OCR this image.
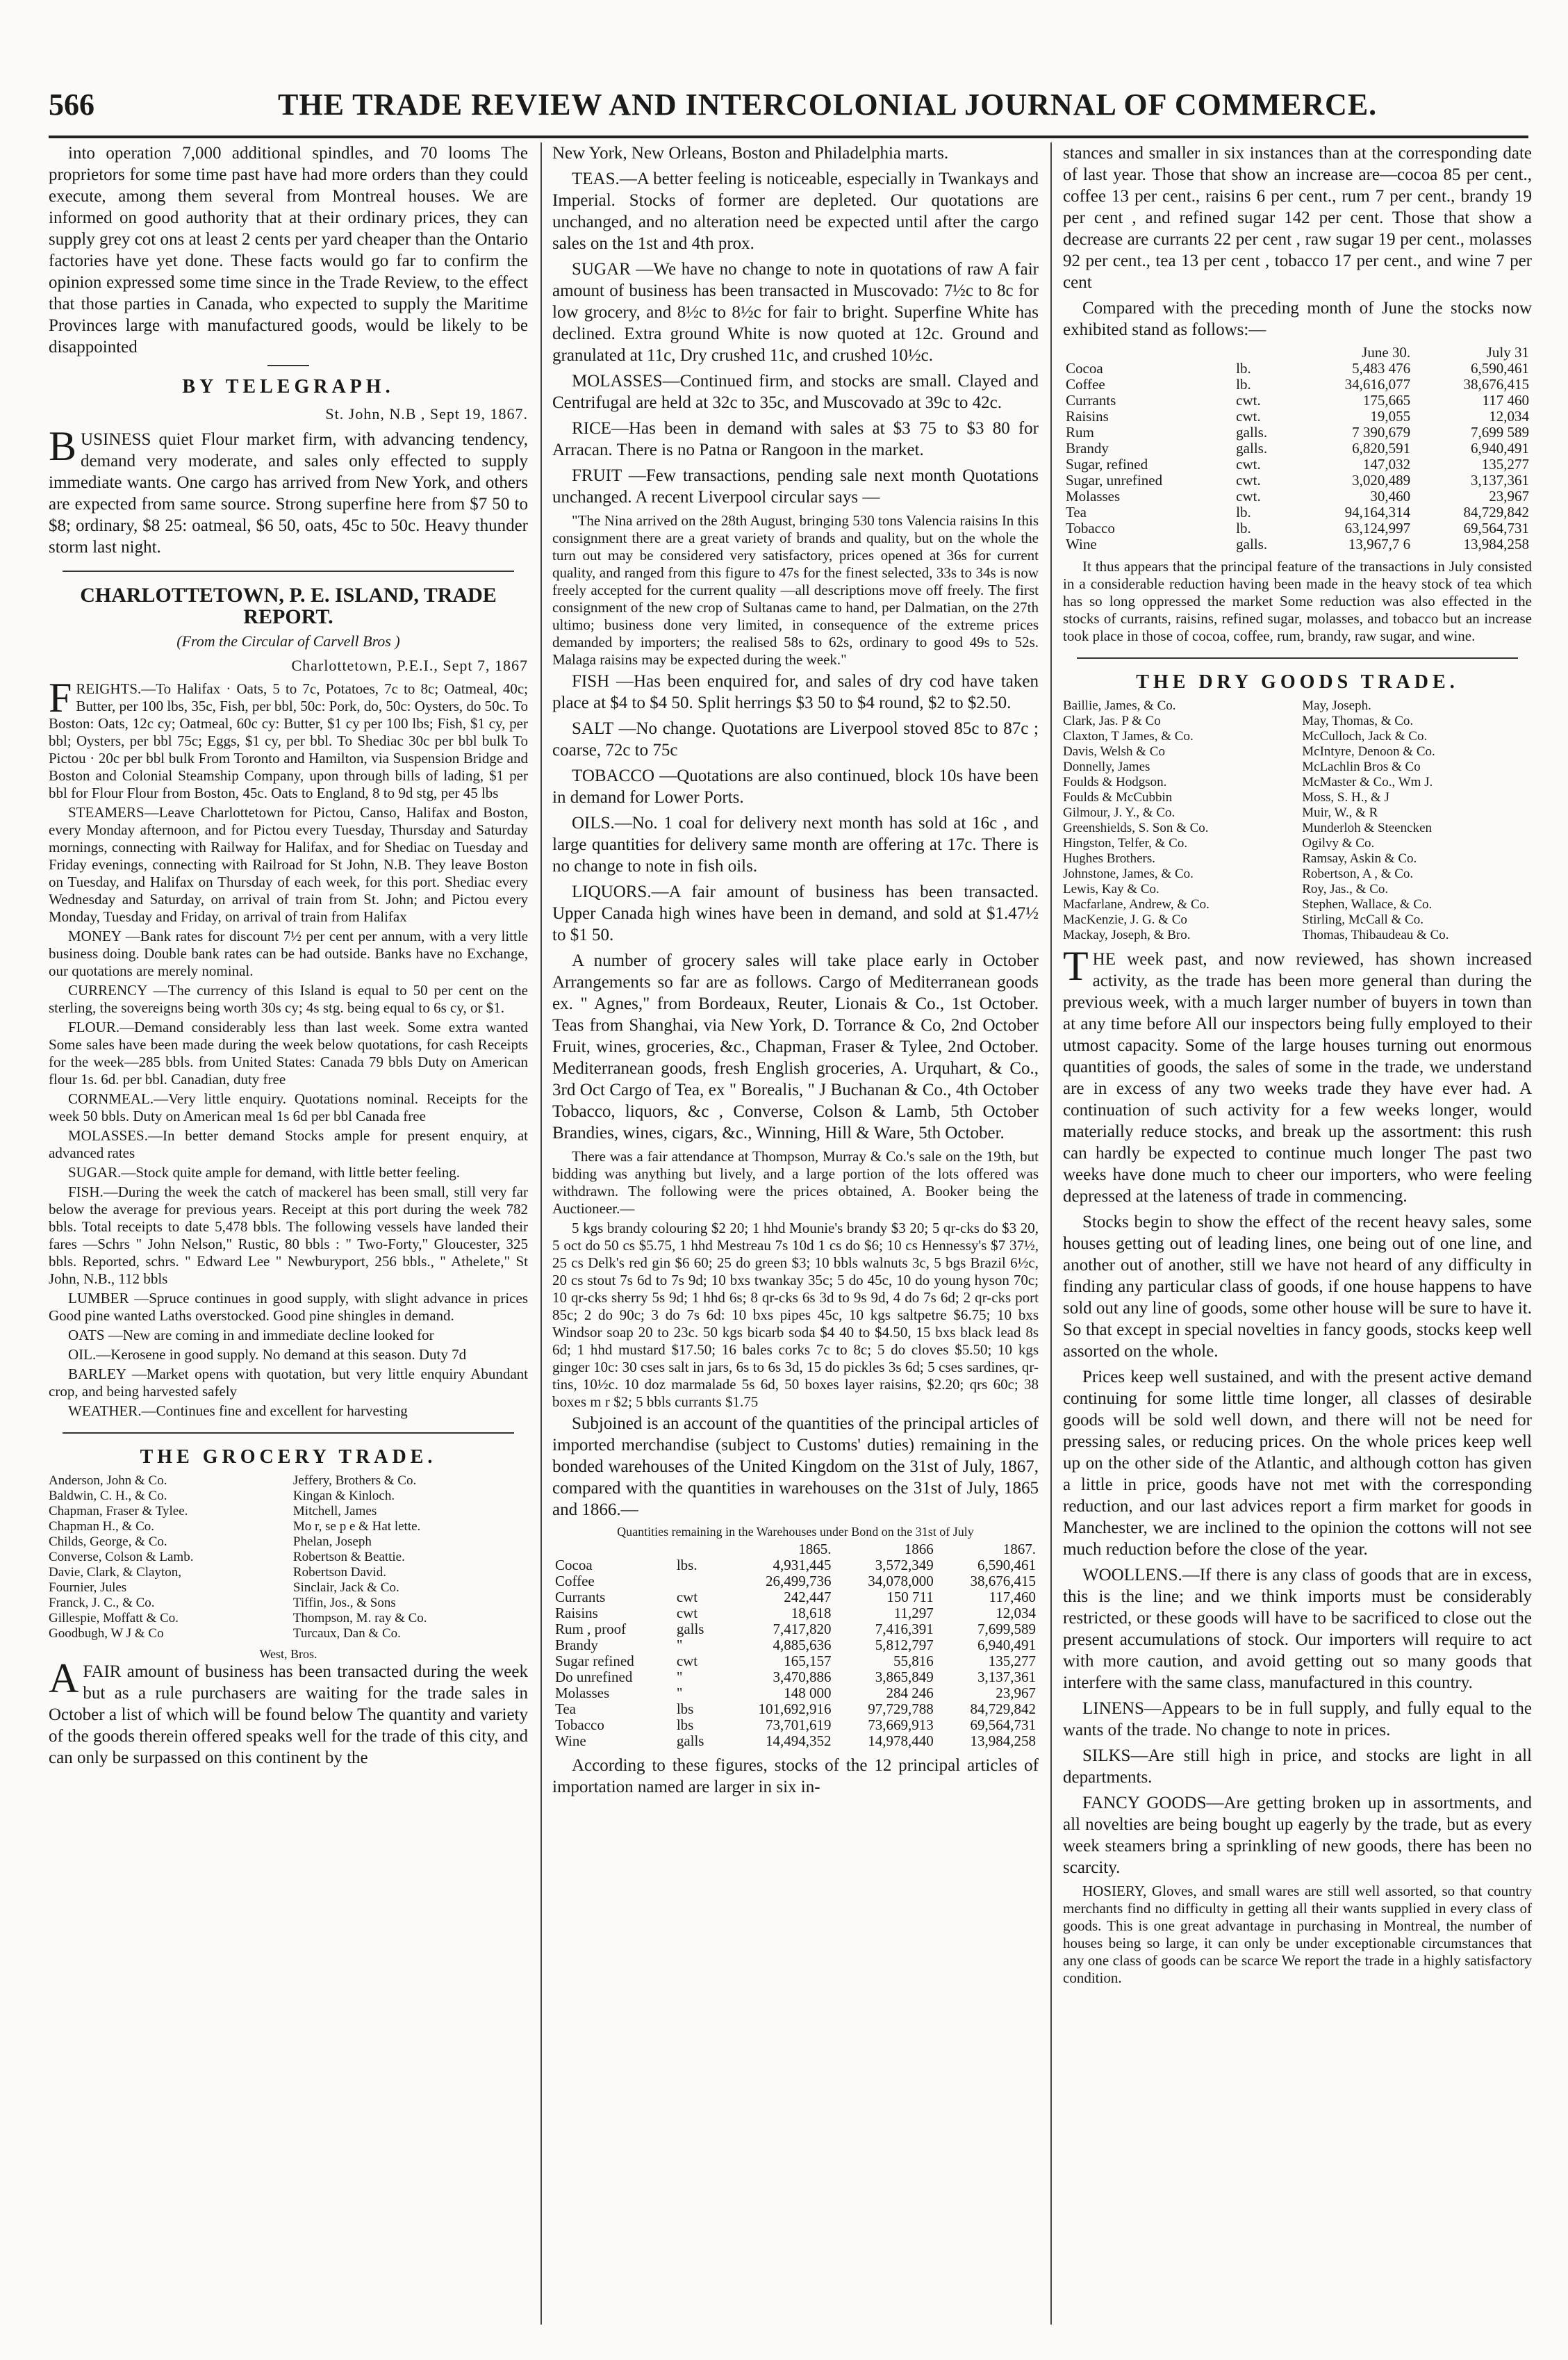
566	THE TRADE REVIEW AND INTERCOLONIAL JOURNAL OF COMMERCE.

into operation 7,000 additional spindles, and 70 looms The proprietors for some time past have had more orders than they could execute, among them several from Montreal houses. We are informed on good authority that at their ordinary prices, they can supply grey cot ons at least 2 cents per yard cheaper than the Ontario factories have yet done. These facts would go far to confirm the opinion expressed some time since in the Trade Review, to the effect that those parties in Canada, who expected to supply the Maritime Provinces large with manufactured goods, would be likely to be disappointed

BY TELEGRAPH.
St. John, N.B , Sept 19, 1867.

BUSINESS quiet Flour market firm, with advancing tendency, demand very moderate, and sales only effected to supply immediate wants. One cargo has arrived from New York, and others are expected from same source. Strong superfine here from $7 50 to $8; ordinary, $8 25: oatmeal, $6 50, oats, 45c to 50c. Heavy thunder storm last night.

CHARLOTTETOWN, P. E. ISLAND, TRADE REPORT.
(From the Circular of Carvell Bros )
Charlottetown, P.E.I., Sept 7, 1867

FREIGHTS.—To Halifax · Oats, 5 to 7c, Potatoes, 7c to 8c; Oatmeal, 40c; Butter, per 100 lbs, 35c, Fish, per bbl, 50c: Pork, do, 50c: Oysters, do 50c. To Boston: Oats, 12c cy; Oatmeal, 60c cy: Butter, $1 cy per 100 lbs; Fish, $1 cy, per bbl; Oysters, per bbl 75c; Eggs, $1 cy, per bbl. To Shediac 30c per bbl bulk To Pictou · 20c per bbl bulk From Toronto and Hamilton, via Suspension Bridge and Boston and Colonial Steamship Company, upon through bills of lading, $1 per bbl for Flour Flour from Boston, 45c. Oats to England, 8 to 9d stg, per 45 lbs

STEAMERS—Leave Charlottetown for Pictou, Canso, Halifax and Boston, every Monday afternoon, and for Pictou every Tuesday, Thursday and Saturday mornings, connecting with Railway for Halifax, and for Shediac on Tuesday and Friday evenings, connecting with Railroad for St John, N.B. They leave Boston on Tuesday, and Halifax on Thursday of each week, for this port. Shediac every Wednesday and Saturday, on arrival of train from St. John; and Pictou every Monday, Tuesday and Friday, on arrival of train from Halifax

MONEY —Bank rates for discount 7½ per cent per annum, with a very little business doing. Double bank rates can be had outside. Banks have no Exchange, our quotations are merely nominal.

CURRENCY —The currency of this Island is equal to 50 per cent on the sterling, the sovereigns being worth 30s cy; 4s stg. being equal to 6s cy, or $1.

FLOUR.—Demand considerably less than last week. Some extra wanted Some sales have been made during the week below quotations, for cash Receipts for the week—285 bbls. from United States: Canada 79 bbls Duty on American flour 1s. 6d. per bbl. Canadian, duty free

CORNMEAL.—Very little enquiry. Quotations nominal. Receipts for the week 50 bbls. Duty on American meal 1s 6d per bbl Canada free

MOLASSES.—In better demand Stocks ample for present enquiry, at advanced rates

SUGAR.—Stock quite ample for demand, with little better feeling.

FISH.—During the week the catch of mackerel has been small, still very far below the average for previous years. Receipt at this port during the week 782 bbls. Total receipts to date 5,478 bbls. The following vessels have landed their fares —Schrs " John Nelson," Rustic, 80 bbls : " Two-Forty," Gloucester, 325 bbls. Reported, schrs. " Edward Lee " Newburyport, 256 bbls., " Athelete," St John, N.B., 112 bbls

LUMBER —Spruce continues in good supply, with slight advance in prices Good pine wanted Laths overstocked. Good pine shingles in demand.

OATS —New are coming in and immediate decline looked for

OIL.—Kerosene in good supply. No demand at this season. Duty 7d

BARLEY —Market opens with quotation, but very little enquiry Abundant crop, and being harvested safely

WEATHER.—Continues fine and excellent for harvesting

THE GROCERY TRADE.
Anderson, John & Co.
Baldwin, C. H., & Co.
Chapman, Fraser & Tylee.
Chapman H., & Co.
Childs, George, & Co.
Converse, Colson & Lamb.
Davie, Clark, & Clayton,
Fournier, Jules
Franck, J. C., & Co.
Gillespie, Moffatt & Co.
Goodbugh, W J & Co
Jeffery, Brothers & Co.
Kingan & Kinloch.
Mitchell, James
Mo r, se p e & Hat lette.
Phelan, Joseph
Robertson & Beattie.
Robertson David.
Sinclair, Jack & Co.
Tiffin, Jos., & Sons
Thompson, M. ray & Co.
Turcaux, Dan & Co.
West, Bros.

AFAIR amount of business has been transacted during the week but as a rule purchasers are waiting for the trade sales in October a list of which will be found below The quantity and variety of the goods therein offered speaks well for the trade of this city, and can only be surpassed on this continent by the

New York, New Orleans, Boston and Philadelphia marts.

TEAS.—A better feeling is noticeable, especially in Twankays and Imperial. Stocks of former are depleted. Our quotations are unchanged, and no alteration need be expected until after the cargo sales on the 1st and 4th prox.

SUGAR —We have no change to note in quotations of raw A fair amount of business has been transacted in Muscovado: 7½c to 8c for low grocery, and 8½c to 8½c for fair to bright. Superfine White has declined. Extra ground White is now quoted at 12c. Ground and granulated at 11c, Dry crushed 11c, and crushed 10½c.

MOLASSES—Continued firm, and stocks are small. Clayed and Centrifugal are held at 32c to 35c, and Muscovado at 39c to 42c.

RICE—Has been in demand with sales at $3 75 to $3 80 for Arracan. There is no Patna or Rangoon in the market.

FRUIT —Few transactions, pending sale next month Quotations unchanged. A recent Liverpool circular says —

"The Nina arrived on the 28th August, bringing 530 tons Valencia raisins In this consignment there are a great variety of brands and quality, but on the whole the turn out may be considered very satisfactory, prices opened at 36s for current quality, and ranged from this figure to 47s for the finest selected, 33s to 34s is now freely accepted for the current quality —all descriptions move off freely. The first consignment of the new crop of Sultanas came to hand, per Dalmatian, on the 27th ultimo; business done very limited, in consequence of the extreme prices demanded by importers; the realised 58s to 62s, ordinary to good 49s to 52s. Malaga raisins may be expected during the week."

FISH —Has been enquired for, and sales of dry cod have taken place at $4 to $4 50. Split herrings $3 50 to $4 round, $2 to $2.50.

SALT —No change. Quotations are Liverpool stoved 85c to 87c ; coarse, 72c to 75c

TOBACCO —Quotations are also continued, block 10s have been in demand for Lower Ports.

OILS.—No. 1 coal for delivery next month has sold at 16c , and large quantities for delivery same month are offering at 17c. There is no change to note in fish oils.

LIQUORS.—A fair amount of business has been transacted. Upper Canada high wines have been in demand, and sold at $1.47½ to $1 50.

A number of grocery sales will take place early in October Arrangements so far are as follows. Cargo of Mediterranean goods ex. " Agnes," from Bordeaux, Reuter, Lionais & Co., 1st October. Teas from Shanghai, via New York, D. Torrance & Co, 2nd October Fruit, wines, groceries, &c., Chapman, Fraser & Tylee, 2nd October. Mediterranean goods, fresh English groceries, A. Urquhart, & Co., 3rd Oct Cargo of Tea, ex " Borealis, " J Buchanan & Co., 4th October Tobacco, liquors, &c , Converse, Colson & Lamb, 5th October Brandies, wines, cigars, &c., Winning, Hill & Ware, 5th October.

There was a fair attendance at Thompson, Murray & Co.'s sale on the 19th, but bidding was anything but lively, and a large portion of the lots offered was withdrawn. The following were the prices obtained, A. Booker being the Auctioneer.—

5 kgs brandy colouring $2 20; 1 hhd Mounie's brandy $3 20; 5 qr-cks do $3 20, 5 oct do 50 cs $5.75, 1 hhd Mestreau 7s 10d 1 cs do $6; 10 cs Hennessy's $7 37½, 25 cs Delk's red gin $6 60; 25 do green $3; 10 bbls walnuts 3c, 5 bgs Brazil 6½c, 20 cs stout 7s 6d to 7s 9d; 10 bxs twankay 35c; 5 do 45c, 10 do young hyson 70c; 10 qr-cks sherry 5s 9d; 1 hhd 6s; 8 qr-cks 6s 3d to 9s 9d, 4 do 7s 6d; 2 qr-cks port 85c; 2 do 90c; 3 do 7s 6d: 10 bxs pipes 45c, 10 kgs saltpetre $6.75; 10 bxs Windsor soap 20 to 23c. 50 kgs bicarb soda $4 40 to $4.50, 15 bxs black lead 8s 6d; 1 hhd mustard $17.50; 16 bales corks 7c to 8c; 5 do cloves $5.50; 10 kgs ginger 10c: 30 cses salt in jars, 6s to 6s 3d, 15 do pickles 3s 6d; 5 cses sardines, qr-tins, 10½c. 10 doz marmalade 5s 6d, 50 boxes layer raisins, $2.20; qrs 60c; 38 boxes m r $2; 5 bbls currants $1.75

Subjoined is an account of the quantities of the principal articles of imported merchandise (subject to Customs' duties) remaining in the bonded warehouses of the United Kingdom on the 31st of July, 1867, compared with the quantities in warehouses on the 31st of July, 1865 and 1866.—

Quantities remaining in the Warehouses under Bond on the 31st of July
		1865.	1866	1867.
Cocoa	lbs.	4,931,445	3,572,349	6,590,461
Coffee		26,499,736	34,078,000	38,676,415
Currants	cwt	242,447	150 711	117,460
Raisins	cwt	18,618	11,297	12,034
Rum , proof	galls	7,417,820	7,416,391	7,699,589
Brandy	"	4,885,636	5,812,797	6,940,491
Sugar refined	cwt	165,157	55,816	135,277
Do unrefined	"	3,470,886	3,865,849	3,137,361
Molasses	"	148 000	284 246	23,967
Tea	lbs	101,692,916	97,729,788	84,729,842
Tobacco	lbs	73,701,619	73,669,913	69,564,731
Wine	galls	14,494,352	14,978,440	13,984,258

According to these figures, stocks of the 12 principal articles of importation named are larger in six in-

stances and smaller in six instances than at the corresponding date of last year. Those that show an increase are—cocoa 85 per cent., coffee 13 per cent., raisins 6 per cent., rum 7 per cent., brandy 19 per cent , and refined sugar 142 per cent. Those that show a decrease are currants 22 per cent , raw sugar 19 per cent., molasses 92 per cent., tea 13 per cent , tobacco 17 per cent., and wine 7 per cent

Compared with the preceding month of June the stocks now exhibited stand as follows:—

		June 30.	July 31
Cocoa	lb.	5,483 476	6,590,461
Coffee	lb.	34,616,077	38,676,415
Currants	cwt.	175,665	117 460
Raisins	cwt.	19,055	12,034
Rum	galls.	7 390,679	7,699 589
Brandy	galls.	6,820,591	6,940,491
Sugar, refined	cwt.	147,032	135,277
Sugar, unrefined	cwt.	3,020,489	3,137,361
Molasses	cwt.	30,460	23,967
Tea	lb.	94,164,314	84,729,842
Tobacco	lb.	63,124,997	69,564,731
Wine	galls.	13,967,7 6	13,984,258

It thus appears that the principal feature of the transactions in July consisted in a considerable reduction having been made in the heavy stock of tea which has so long oppressed the market Some reduction was also effected in the stocks of currants, raisins, refined sugar, molasses, and tobacco but an increase took place in those of cocoa, coffee, rum, brandy, raw sugar, and wine.

THE DRY GOODS TRADE.
Baillie, James, & Co.
Clark, Jas. P & Co
Claxton, T James, & Co.
Davis, Welsh & Co
Donnelly, James
Foulds & Hodgson.
Foulds & McCubbin
Gilmour, J. Y., & Co.
Greenshields, S. Son & Co.
Hingston, Telfer, & Co.
Hughes Brothers.
Johnstone, James, & Co.
Lewis, Kay & Co.
Macfarlane, Andrew, & Co.
MacKenzie, J. G. & Co
Mackay, Joseph, & Bro.
May, Joseph.
May, Thomas, & Co.
McCulloch, Jack & Co.
McIntyre, Denoon & Co.
McLachlin Bros & Co
McMaster & Co., Wm J.
Moss, S. H., & J
Muir, W., & R
Munderloh & Steencken
Ogilvy & Co.
Ramsay, Askin & Co.
Robertson, A , & Co.
Roy, Jas., & Co.
Stephen, Wallace, & Co.
Stirling, McCall & Co.
Thomas, Thibaudeau & Co.

THE week past, and now reviewed, has shown increased activity, as the trade has been more general than during the previous week, with a much larger number of buyers in town than at any time before All our inspectors being fully employed to their utmost capacity. Some of the large houses turning out enormous quantities of goods, the sales of some in the trade, we understand are in excess of any two weeks trade they have ever had. A continuation of such activity for a few weeks longer, would materially reduce stocks, and break up the assortment: this rush can hardly be expected to continue much longer The past two weeks have done much to cheer our importers, who were feeling depressed at the lateness of trade in commencing.

Stocks begin to show the effect of the recent heavy sales, some houses getting out of leading lines, one being out of one line, and another out of another, still we have not heard of any difficulty in finding any particular class of goods, if one house happens to have sold out any line of goods, some other house will be sure to have it. So that except in special novelties in fancy goods, stocks keep well assorted on the whole.

Prices keep well sustained, and with the present active demand continuing for some little time longer, all classes of desirable goods will be sold well down, and there will not be need for pressing sales, or reducing prices. On the whole prices keep well up on the other side of the Atlantic, and although cotton has given a little in price, goods have not met with the corresponding reduction, and our last advices report a firm market for goods in Manchester, we are inclined to the opinion the cottons will not see much reduction before the close of the year.

WOOLLENS.—If there is any class of goods that are in excess, this is the line; and we think imports must be considerably restricted, or these goods will have to be sacrificed to close out the present accumulations of stock. Our importers will require to act with more caution, and avoid getting out so many goods that interfere with the same class, manufactured in this country.

LINENS—Appears to be in full supply, and fully equal to the wants of the trade. No change to note in prices.

SILKS—Are still high in price, and stocks are light in all departments.

FANCY GOODS—Are getting broken up in assortments, and all novelties are being bought up eagerly by the trade, but as every week steamers bring a sprinkling of new goods, there has been no scarcity.

HOSIERY, Gloves, and small wares are still well assorted, so that country merchants find no difficulty in getting all their wants supplied in every class of goods. This is one great advantage in purchasing in Montreal, the number of houses being so large, it can only be under exceptionable circumstances that any one class of goods can be scarce We report the trade in a highly satisfactory condition.
